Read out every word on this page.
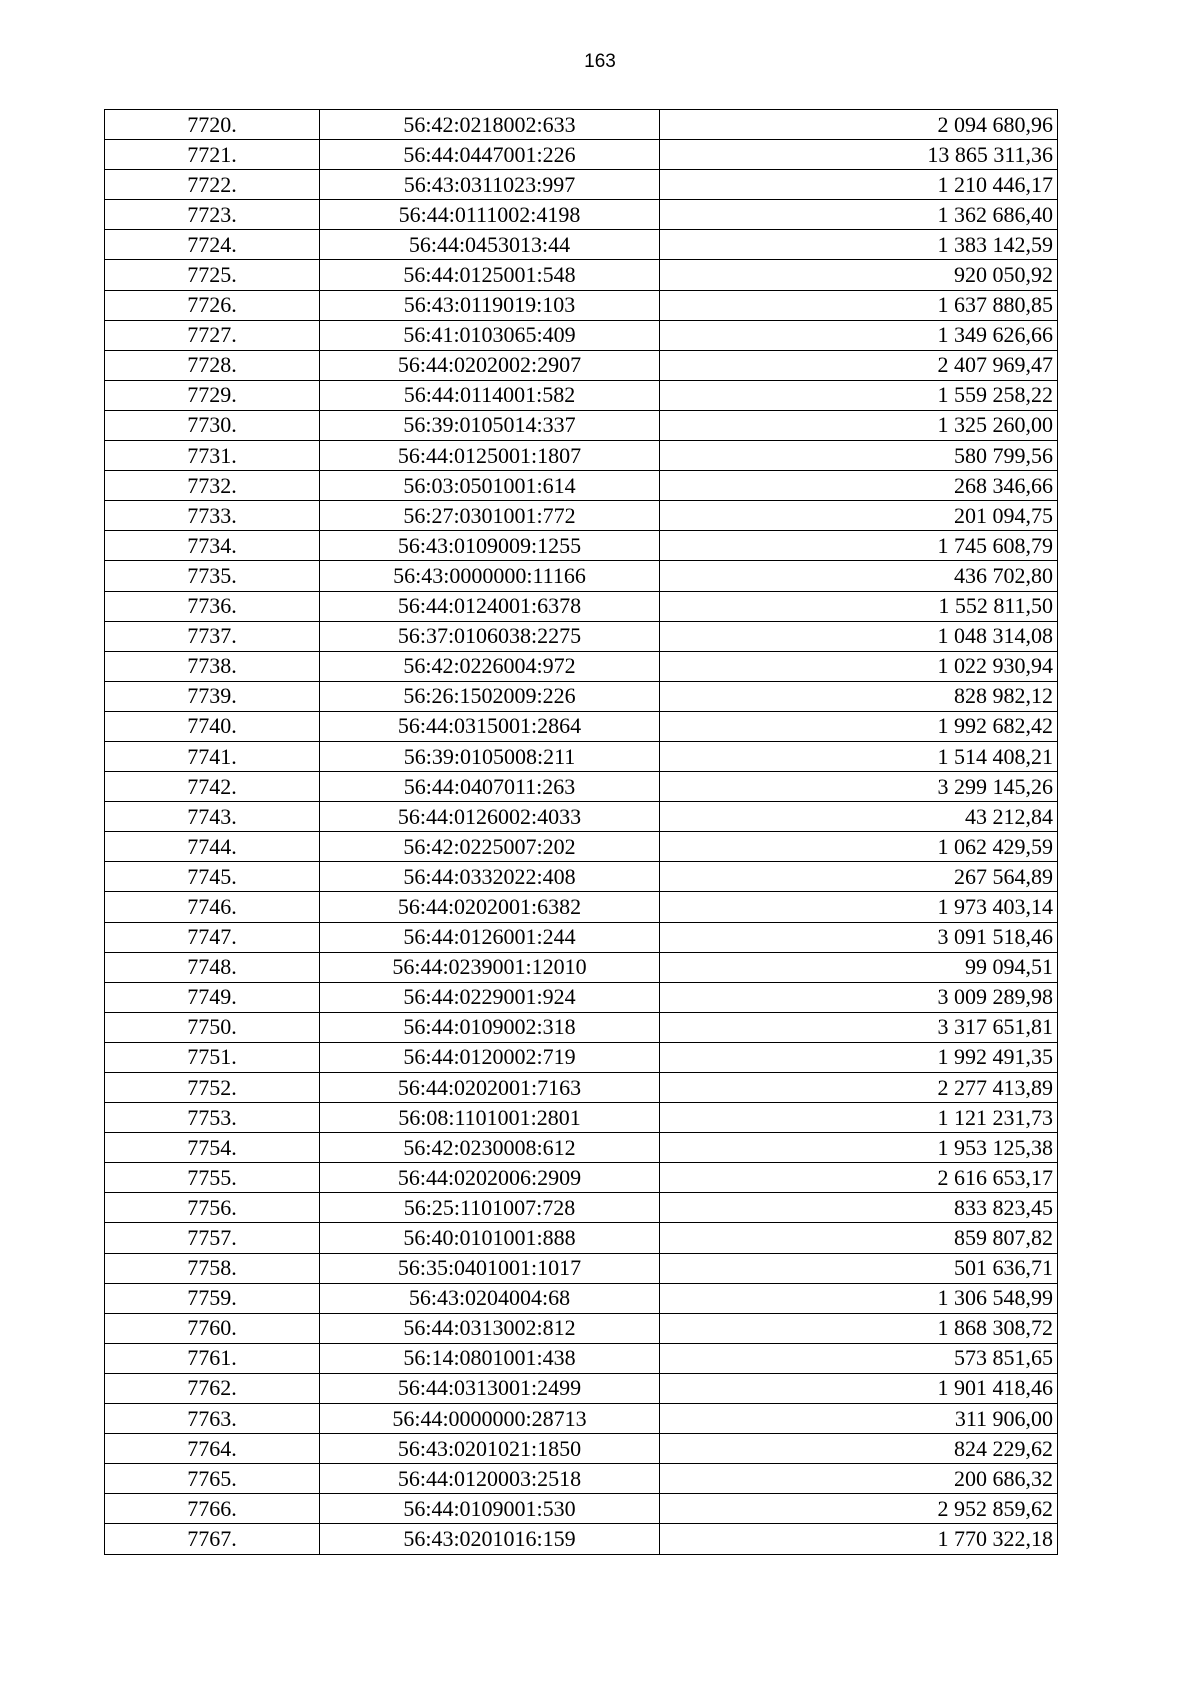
163
7720.	56:42:0218002:633	2 094 680,96
7721.	56:44:0447001:226	13 865 311,36
7722.	56:43:0311023:997	1 210 446,17
7723.	56:44:0111002:4198	1 362 686,40
7724.	56:44:0453013:44	1 383 142,59
7725.	56:44:0125001:548	920 050,92
7726.	56:43:0119019:103	1 637 880,85
7727.	56:41:0103065:409	1 349 626,66
7728.	56:44:0202002:2907	2 407 969,47
7729.	56:44:0114001:582	1 559 258,22
7730.	56:39:0105014:337	1 325 260,00
7731.	56:44:0125001:1807	580 799,56
7732.	56:03:0501001:614	268 346,66
7733.	56:27:0301001:772	201 094,75
7734.	56:43:0109009:1255	1 745 608,79
7735.	56:43:0000000:11166	436 702,80
7736.	56:44:0124001:6378	1 552 811,50
7737.	56:37:0106038:2275	1 048 314,08
7738.	56:42:0226004:972	1 022 930,94
7739.	56:26:1502009:226	828 982,12
7740.	56:44:0315001:2864	1 992 682,42
7741.	56:39:0105008:211	1 514 408,21
7742.	56:44:0407011:263	3 299 145,26
7743.	56:44:0126002:4033	43 212,84
7744.	56:42:0225007:202	1 062 429,59
7745.	56:44:0332022:408	267 564,89
7746.	56:44:0202001:6382	1 973 403,14
7747.	56:44:0126001:244	3 091 518,46
7748.	56:44:0239001:12010	99 094,51
7749.	56:44:0229001:924	3 009 289,98
7750.	56:44:0109002:318	3 317 651,81
7751.	56:44:0120002:719	1 992 491,35
7752.	56:44:0202001:7163	2 277 413,89
7753.	56:08:1101001:2801	1 121 231,73
7754.	56:42:0230008:612	1 953 125,38
7755.	56:44:0202006:2909	2 616 653,17
7756.	56:25:1101007:728	833 823,45
7757.	56:40:0101001:888	859 807,82
7758.	56:35:0401001:1017	501 636,71
7759.	56:43:0204004:68	1 306 548,99
7760.	56:44:0313002:812	1 868 308,72
7761.	56:14:0801001:438	573 851,65
7762.	56:44:0313001:2499	1 901 418,46
7763.	56:44:0000000:28713	311 906,00
7764.	56:43:0201021:1850	824 229,62
7765.	56:44:0120003:2518	200 686,32
7766.	56:44:0109001:530	2 952 859,62
7767.	56:43:0201016:159	1 770 322,18
